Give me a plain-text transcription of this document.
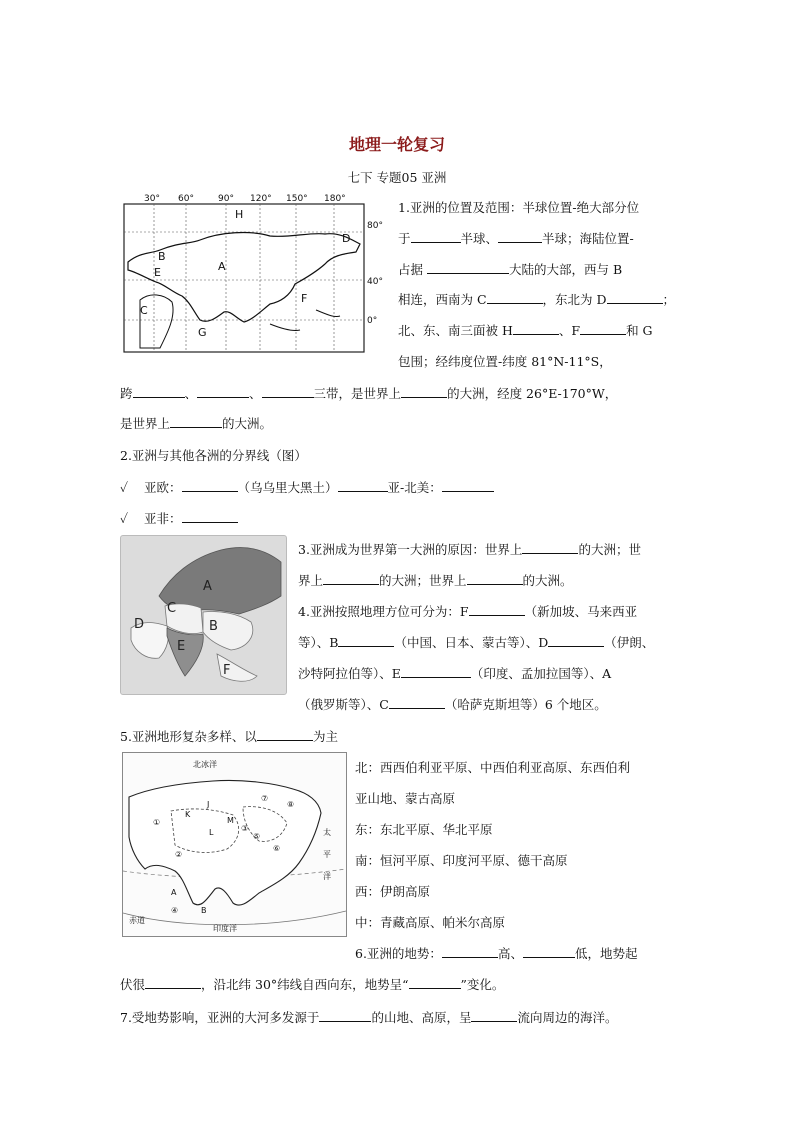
地理一轮复习
七下 专题05 亚洲
30° 60°	90° 120° 150° 180°
80°
40°
0°
H
D
B
A
F
C
G
E
1.亚洲的位置及范围：半球位置-绝大部分位
于	半球、	半球；海陆位置-
占据	大陆的大部，西与 B
相连，西南为 C	，东北为 D	；
北、东、南三面被 H	、F	和 G
包围；经纬度位置-纬度 81°N-11°S，
跨	、	、	三带，是世界上	的大洲，经度 26°E-170°W，
是世界上	的大洲。
2.亚洲与其他各洲的分界线（图）
✓ 亚欧：	（乌乌里大黑土）	亚-北美：
✓ 亚非：
A
C
B
D
E
F
3.亚洲成为世界第一大洲的原因：世界上	的大洲；世
界上	的大洲；世界上	的大洲。
4.亚洲按照地理方位可分为：F	（新加坡、马来西亚
等）、B	（中国、日本、蒙古等）、D	（伊朗、
沙特阿拉伯等）、E	（印度、孟加拉国等）、A
（俄罗斯等）、C	（哈萨克斯坦等）6 个地区。
5.亚洲地形复杂多样、以	为主
北冰洋
太
平
洋
印度洋
赤道
K
M
L
B
A
J
①
②
③
④
⑤
⑥
⑦
⑧
北：西西伯利亚平原、中西伯利亚高原、东西伯利
亚山地、蒙古高原
东：东北平原、华北平原
南：恒河平原、印度河平原、德干高原
西：伊朗高原
中：青藏高原、帕米尔高原
6.亚洲的地势：	高、	低，地势起
伏很	，沿北纬 30°纬线自西向东，地势呈“	”变化。
7.受地势影响，亚洲的大河多发源于	的山地、高原，呈	流向周边的海洋。
